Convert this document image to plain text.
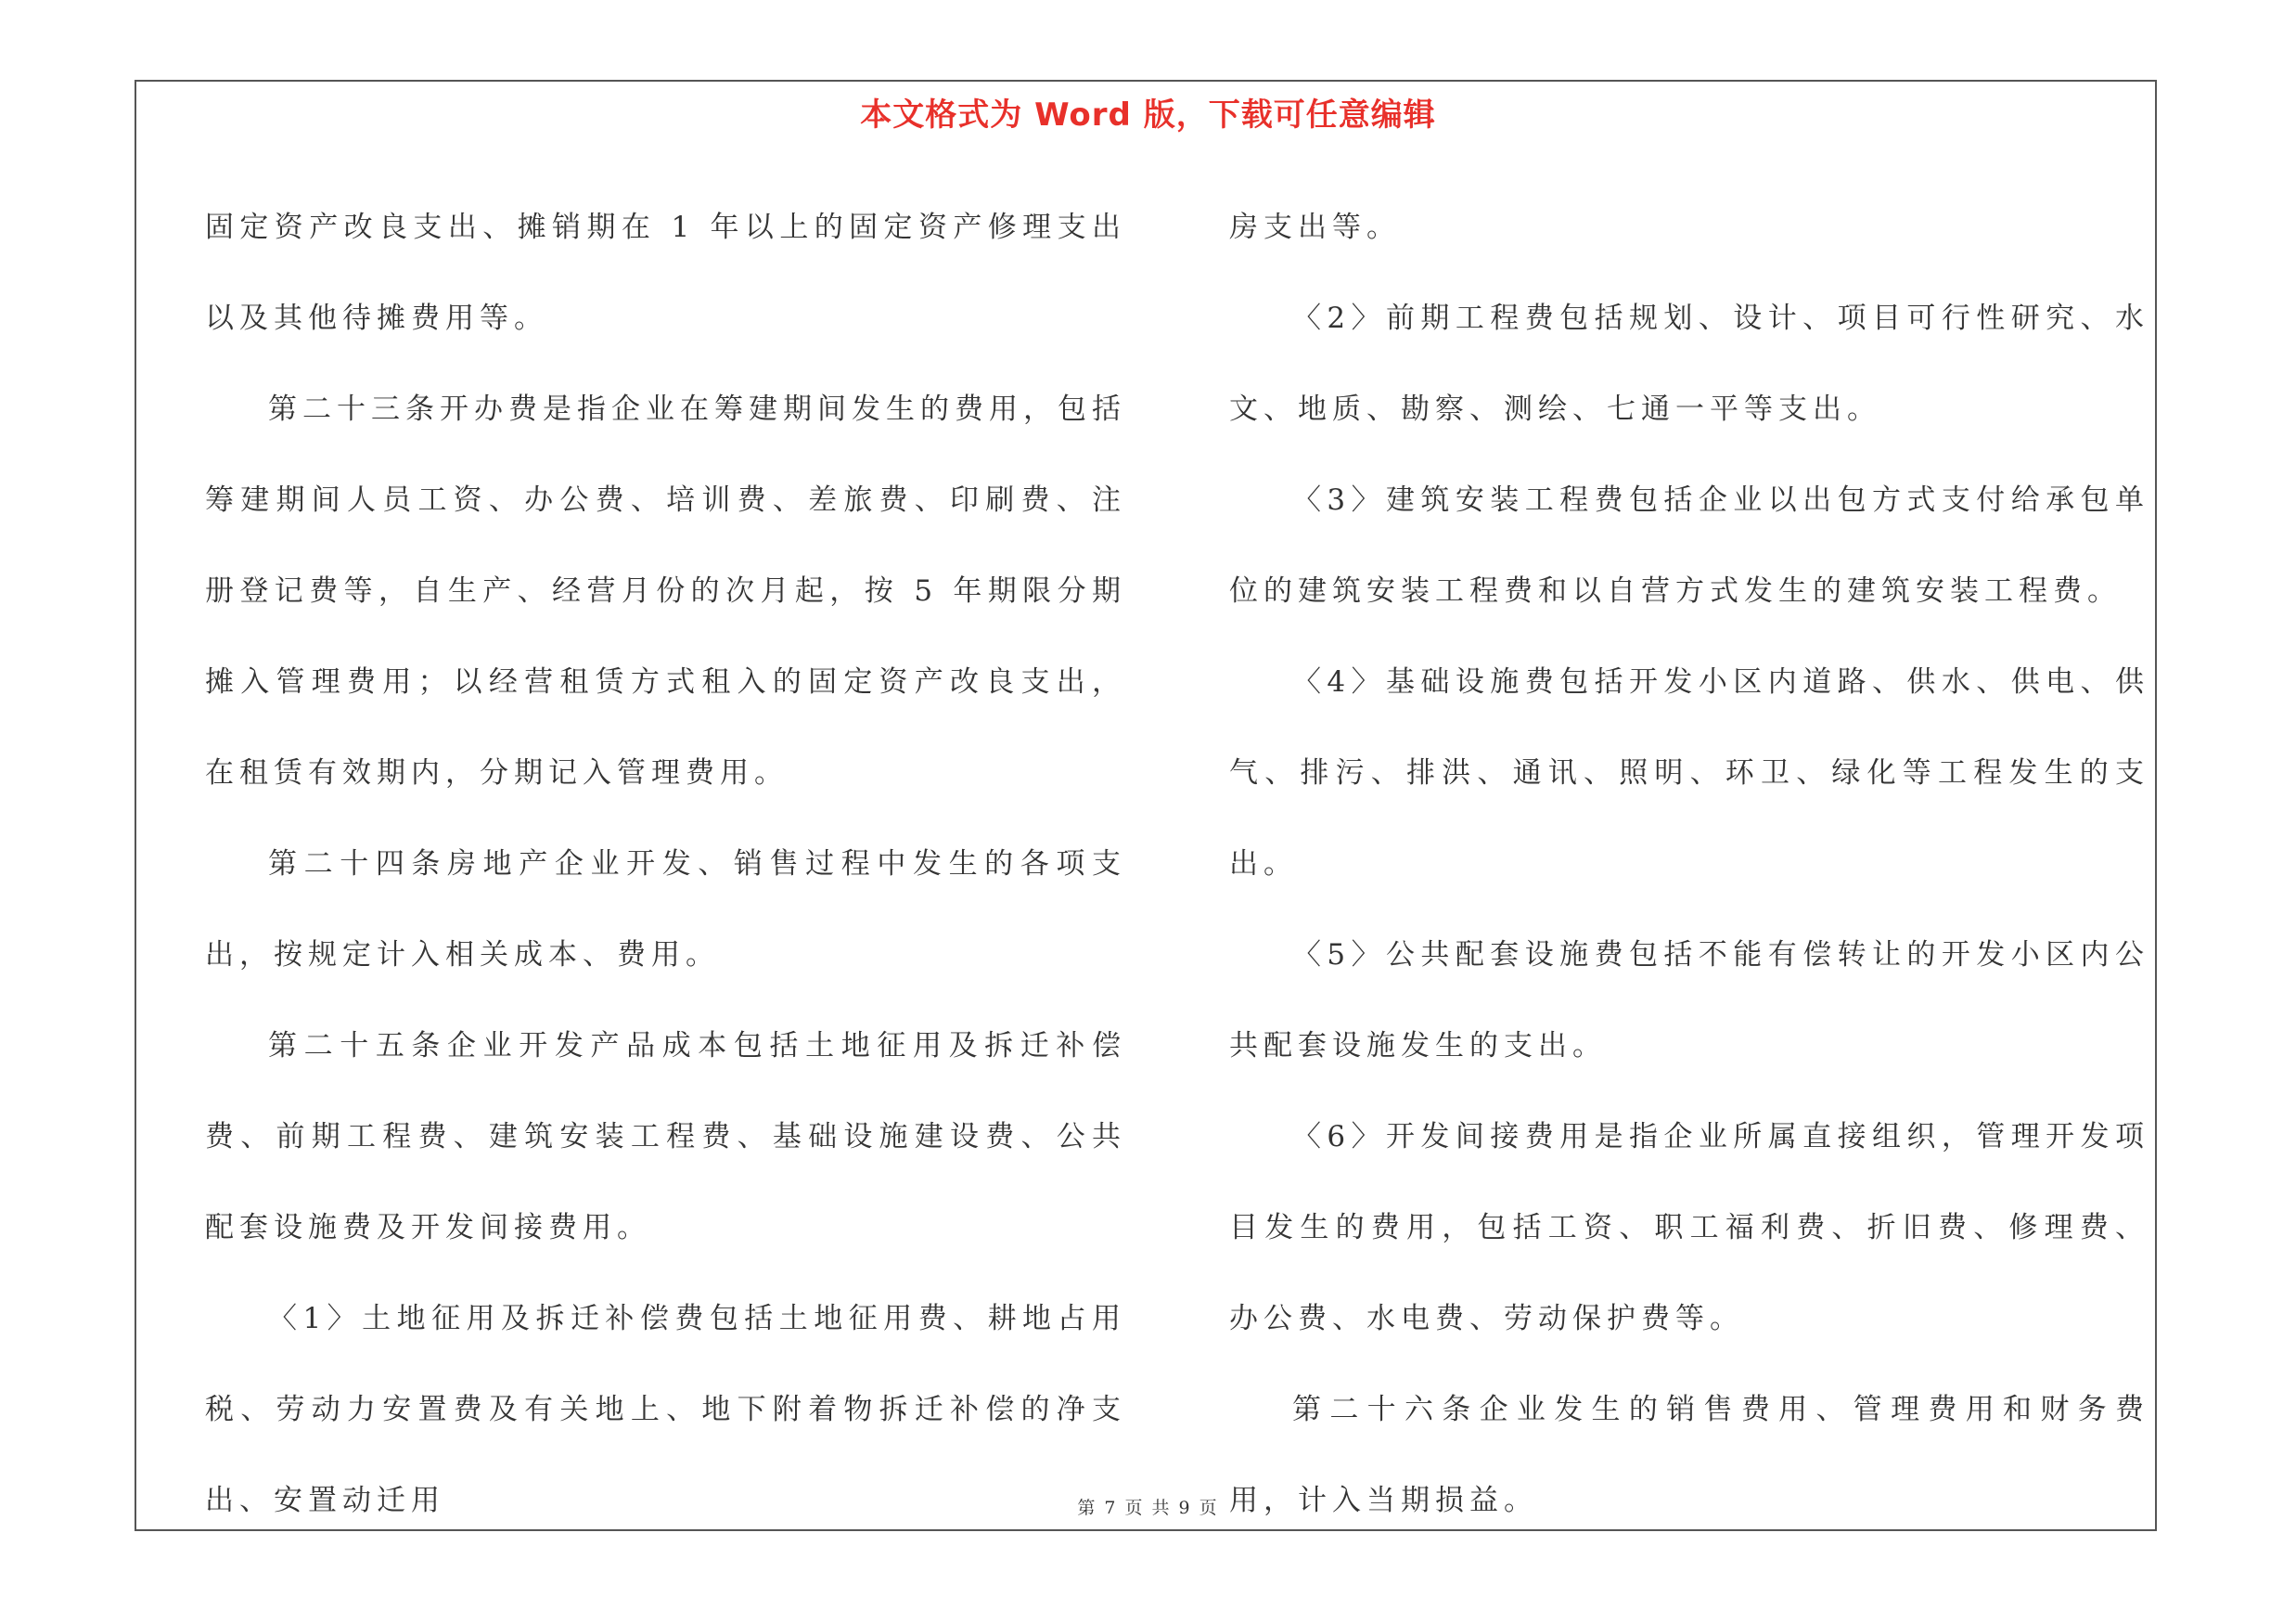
本文格式为 Word 版，下载可任意编辑

固定资产改良支出、摊销期在 1 年以上的固定资产修理支出以及其他待摊费用等。

第二十三条开办费是指企业在筹建期间发生的费用，包括筹建期间人员工资、办公费、培训费、差旅费、印刷费、注册登记费等，自生产、经营月份的次月起，按 5 年期限分期摊入管理费用；以经营租赁方式租入的固定资产改良支出，在租赁有效期内，分期记入管理费用。

第二十四条房地产企业开发、销售过程中发生的各项支出，按规定计入相关成本、费用。

第二十五条企业开发产品成本包括土地征用及拆迁补偿费、前期工程费、建筑安装工程费、基础设施建设费、公共配套设施费及开发间接费用。

〈1〉土地征用及拆迁补偿费包括土地征用费、耕地占用税、劳动力安置费及有关地上、地下附着物拆迁补偿的净支出、安置动迁用

房支出等。

〈2〉前期工程费包括规划、设计、项目可行性研究、水文、地质、勘察、测绘、七通一平等支出。

〈3〉建筑安装工程费包括企业以出包方式支付给承包单位的建筑安装工程费和以自营方式发生的建筑安装工程费。

〈4〉基础设施费包括开发小区内道路、供水、供电、供气、排污、排洪、通讯、照明、环卫、绿化等工程发生的支出。

〈5〉公共配套设施费包括不能有偿转让的开发小区内公共配套设施发生的支出。

〈6〉开发间接费用是指企业所属直接组织，管理开发项目发生的费用，包括工资、职工福利费、折旧费、修理费、办公费、水电费、劳动保护费等。

第二十六条企业发生的销售费用、管理费用和财务费用，计入当期损益。

第 7 页 共 9 页
